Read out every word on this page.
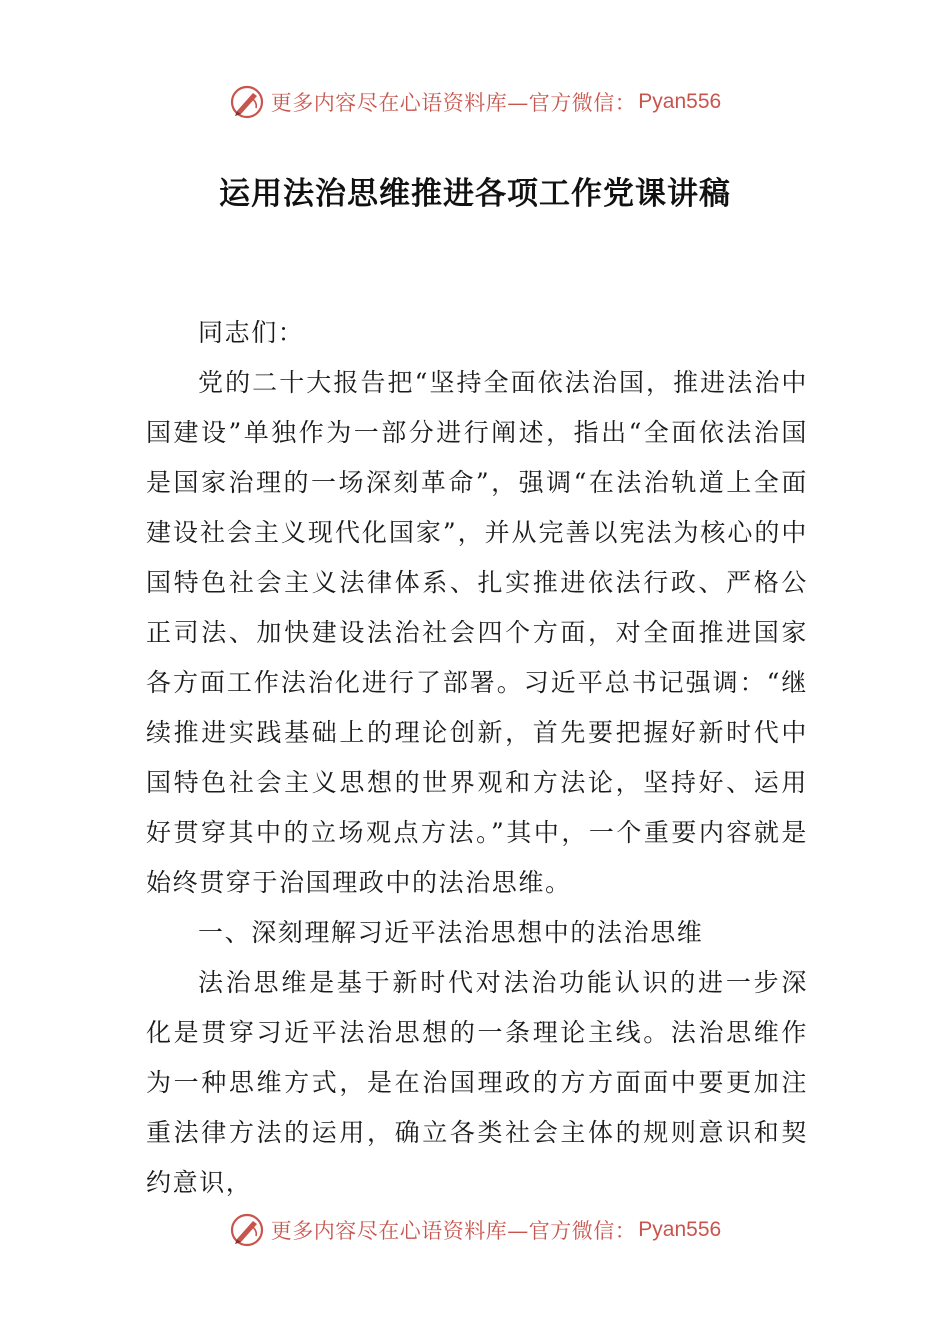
更多内容尽在心语资料库—官方微信： Pyan556
运用法治思维推进各项工作党课讲稿

同志们：

党的二十大报告把“坚持全面依法治国，推进法治中国建设”单独作为一部分进行阐述，指出“全面依法治国是国家治理的一场深刻革命”，强调“在法治轨道上全面建设社会主义现代化国家”，并从完善以宪法为核心的中国特色社会主义法律体系、扎实推进依法行政、严格公正司法、加快建设法治社会四个方面，对全面推进国家各方面工作法治化进行了部署。习近平总书记强调：“继续推进实践基础上的理论创新，首先要把握好新时代中国特色社会主义思想的世界观和方法论，坚持好、运用好贯穿其中的立场观点方法。”其中，一个重要内容就是始终贯穿于治国理政中的法治思维。

一、深刻理解习近平法治思想中的法治思维

法治思维是基于新时代对法治功能认识的进一步深化是贯穿习近平法治思想的一条理论主线。法治思维作为一种思维方式，是在治国理政的方方面面中要更加注重法律方法的运用，确立各类社会主体的规则意识和契约意识，

更多内容尽在心语资料库—官方微信： Pyan556
